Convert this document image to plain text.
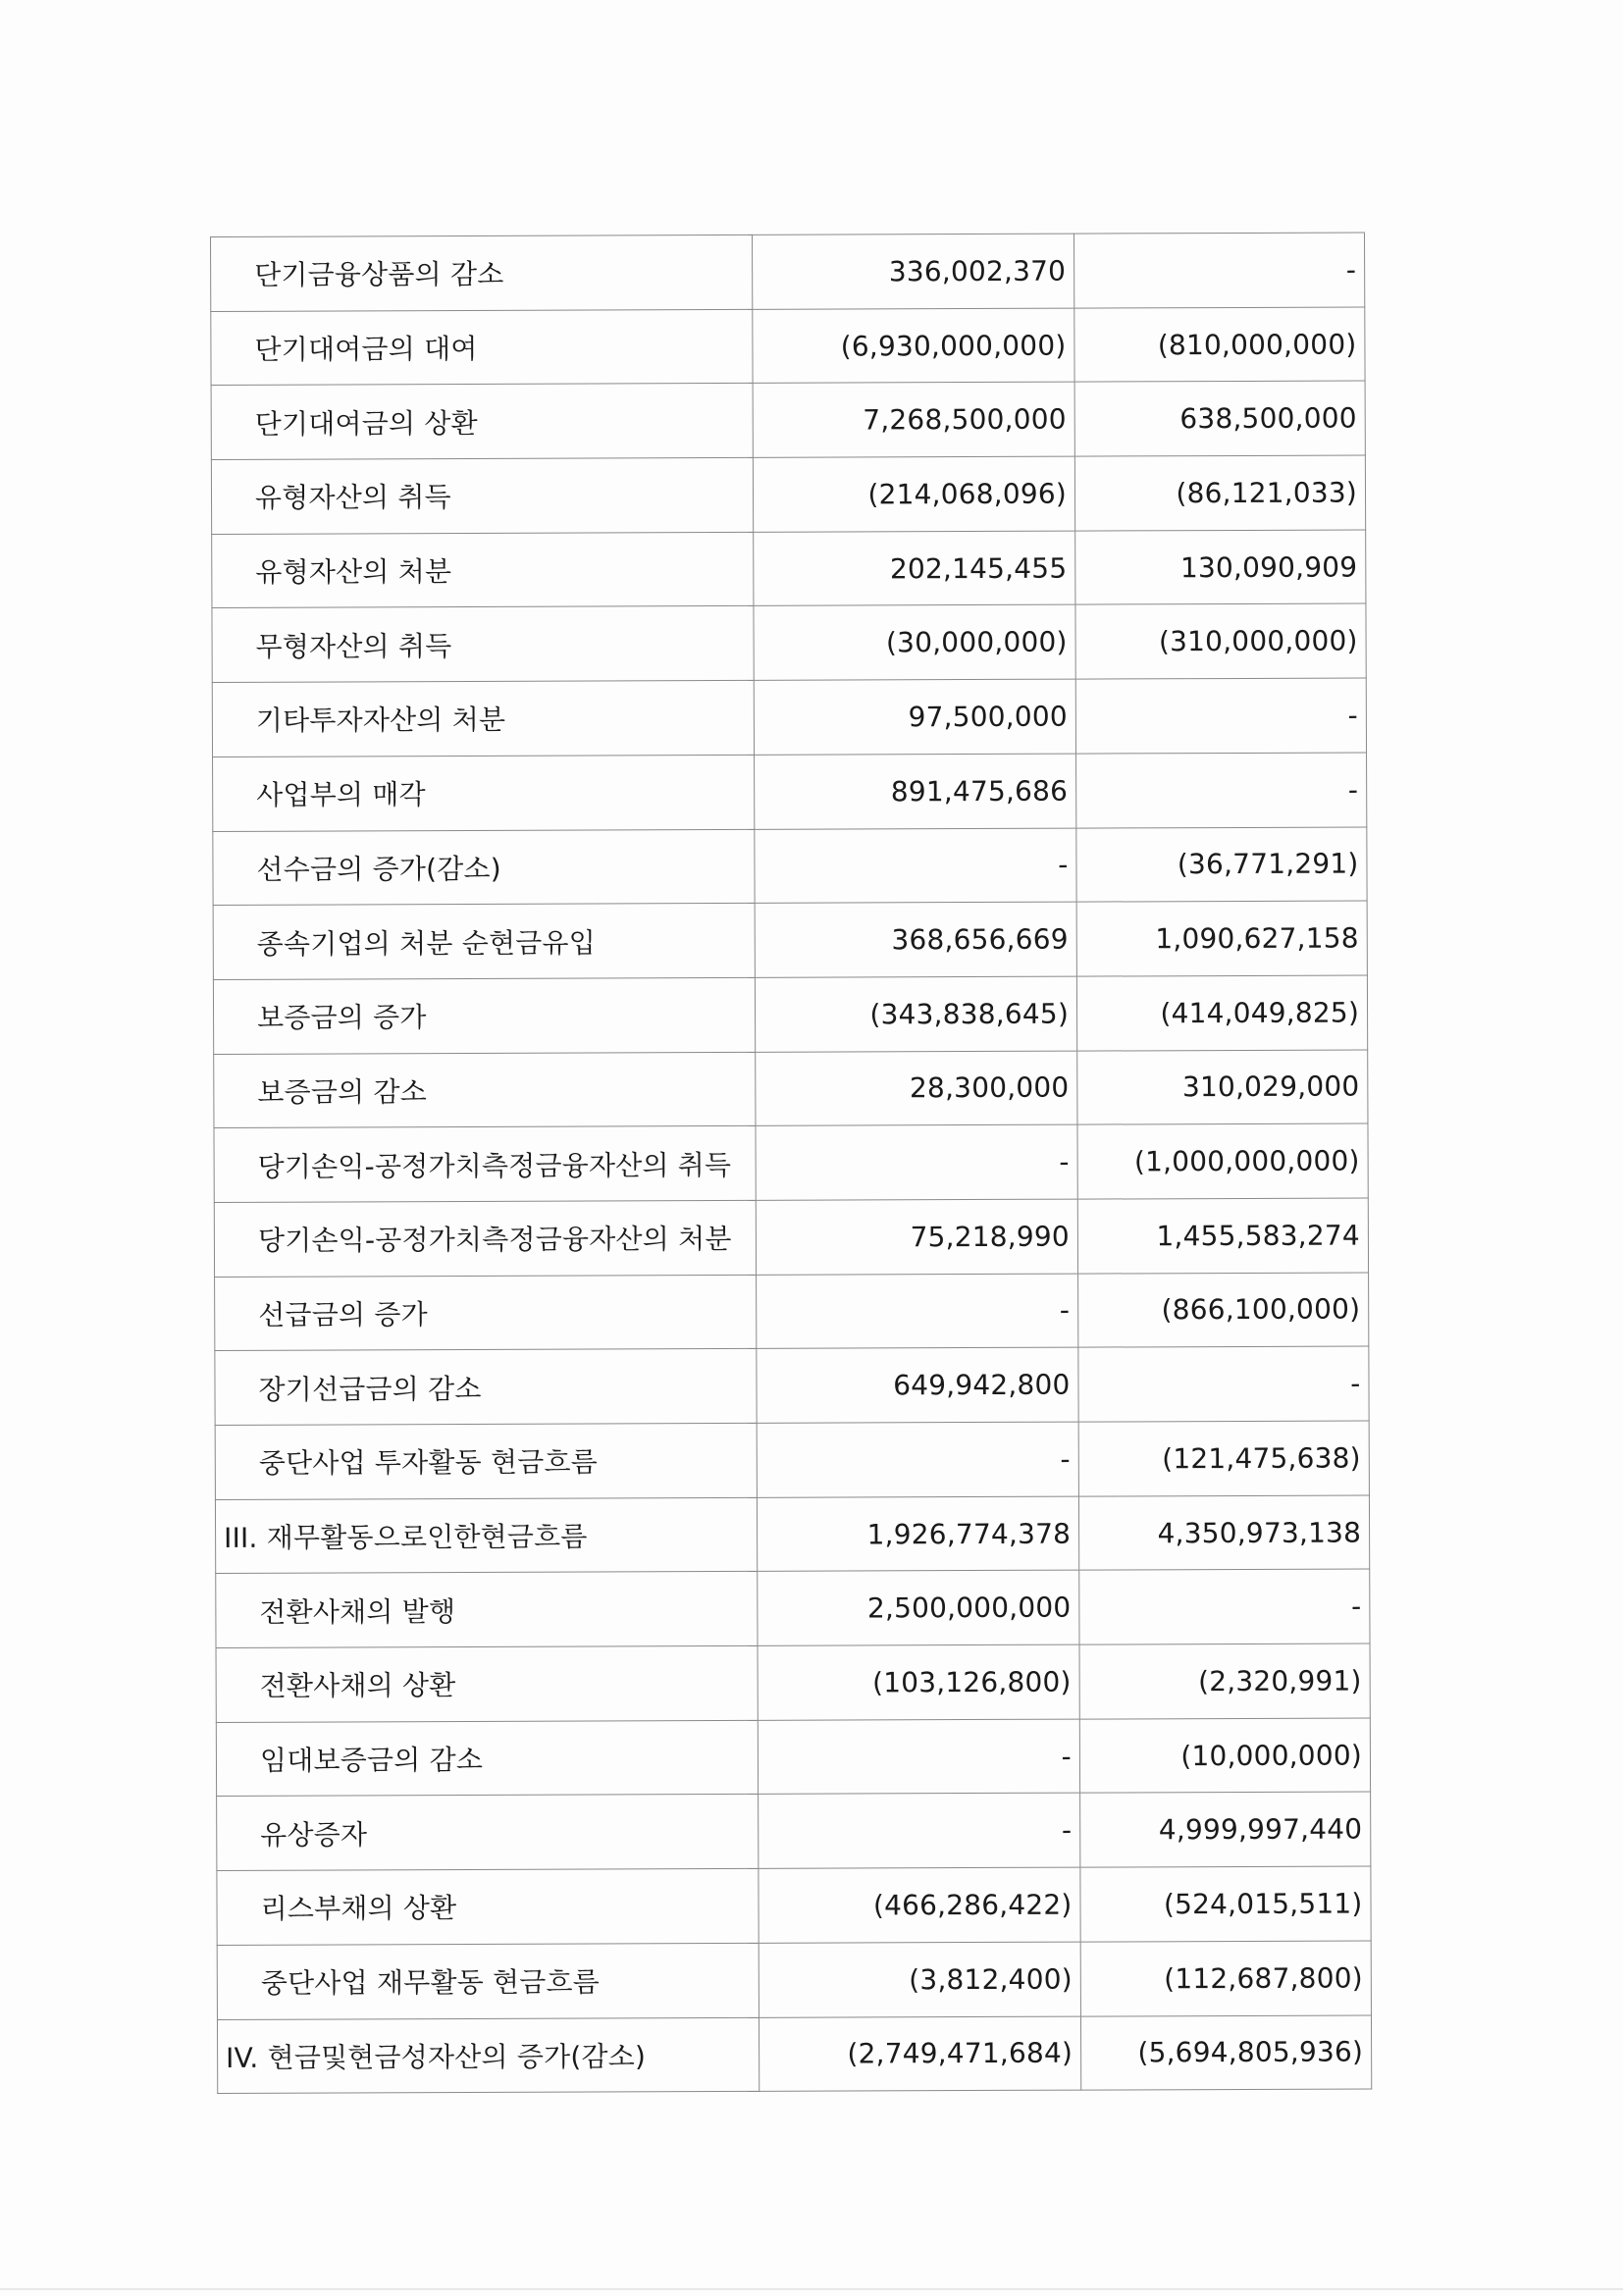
단기금융상품의 감소	336,002,370	-
단기대여금의 대여	(6,930,000,000)	(810,000,000)
단기대여금의 상환	7,268,500,000	638,500,000
유형자산의 취득	(214,068,096)	(86,121,033)
유형자산의 처분	202,145,455	130,090,909
무형자산의 취득	(30,000,000)	(310,000,000)
기타투자자산의 처분	97,500,000	-
사업부의 매각	891,475,686	-
선수금의 증가(감소)	-	(36,771,291)
종속기업의 처분 순현금유입	368,656,669	1,090,627,158
보증금의 증가	(343,838,645)	(414,049,825)
보증금의 감소	28,300,000	310,029,000
당기손익-공정가치측정금융자산의 취득	-	(1,000,000,000)
당기손익-공정가치측정금융자산의 처분	75,218,990	1,455,583,274
선급금의 증가	-	(866,100,000)
장기선급금의 감소	649,942,800	-
중단사업 투자활동 현금흐름	-	(121,475,638)
III. 재무활동으로인한현금흐름	1,926,774,378	4,350,973,138
전환사채의 발행	2,500,000,000	-
전환사채의 상환	(103,126,800)	(2,320,991)
임대보증금의 감소	-	(10,000,000)
유상증자	-	4,999,997,440
리스부채의 상환	(466,286,422)	(524,015,511)
중단사업 재무활동 현금흐름	(3,812,400)	(112,687,800)
IV. 현금및현금성자산의 증가(감소)	(2,749,471,684)	(5,694,805,936)
